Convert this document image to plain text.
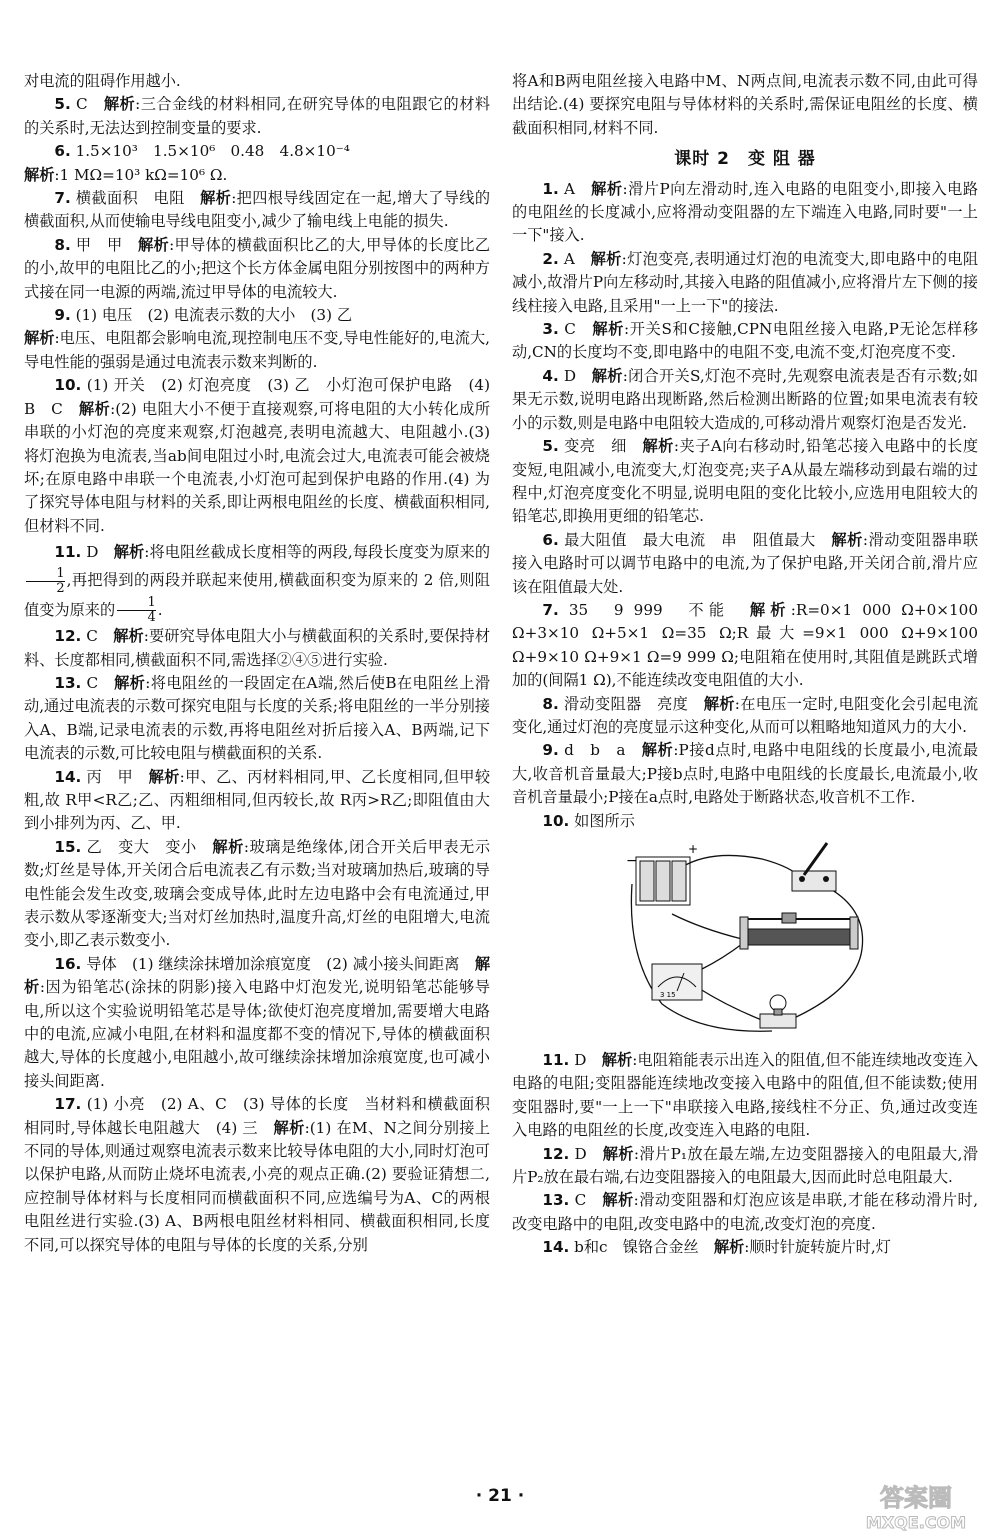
对电流的阻碍作用越小.

5. C　 解析:三合金线的材料相同,在研究导体的电阻跟它的材料的关系时,无法达到控制变量的要求.

6. 1.5×10³　1.5×10⁶　0.48　4.8×10⁻⁴

解析:1 MΩ=10³ kΩ=10⁶ Ω.

7. 横截面积　电阻　 解析:把四根导线固定在一起,增大了导线的横截面积,从而使输电导线电阻变小,减少了输电线上电能的损失.

8. 甲　甲　 解析:甲导体的横截面积比乙的大,甲导体的长度比乙的小,故甲的电阻比乙的小;把这个长方体金属电阻分别按图中的两种方式接在同一电源的两端,流过甲导体的电流较大.

9. (1) 电压　(2) 电流表示数的大小　(3) 乙

解析:电压、电阻都会影响电流,现控制电压不变,导电性能好的,电流大,导电性能的强弱是通过电流表示数来判断的.

10. (1) 开关　(2) 灯泡亮度　(3) 乙　小灯泡可保护电路　(4) B　C　 解析:(2) 电阻大小不便于直接观察,可将电阻的大小转化成所串联的小灯泡的亮度来观察,灯泡越亮,表明电流越大、电阻越小.(3) 将灯泡换为电流表,当ab间电阻过小时,电流会过大,电流表可能会被烧坏;在原电路中串联一个电流表,小灯泡可起到保护电路的作用.(4) 为了探究导体电阻与材料的关系,即让两根电阻丝的长度、横截面积相同,但材料不同.

11. D　 解析:将电阻丝截成长度相等的两段,每段长度变为原来的
$\frac{1}{2}$ ,再把得到的两段并联起来使用,横截面积变为原来的 2 倍,则阻值变为原来的 $\frac{1}{4}$ .

12. C　 解析:要研究导体电阻大小与横截面积的关系时,要保持材料、长度都相同,横截面积不同,需选择②④⑤进行实验.

13. C　 解析:将电阻丝的一段固定在A端,然后使B在电阻丝上滑动,通过电流表的示数可探究电阻与长度的关系;将电阻丝的一半分别接入A、B端,记录电流表的示数,再将电阻丝对折后接入A、B两端,记下电流表的示数,可比较电阻与横截面积的关系.

14. 丙　甲　 解析:甲、乙、丙材料相同,甲、乙长度相同,但甲较粗,故 R甲<R乙;乙、丙粗细相同,但丙较长,故 R丙>R乙;即阻值由大到小排列为丙、乙、甲.

15. 乙　变大　变小　 解析:玻璃是绝缘体,闭合开关后甲表无示数;灯丝是导体,开关闭合后电流表乙有示数;当对玻璃加热后,玻璃的导电性能会发生改变,玻璃会变成导体,此时左边电路中会有电流通过,甲表示数从零逐渐变大;当对灯丝加热时,温度升高,灯丝的电阻增大,电流变小,即乙表示数变小.

16. 导体　(1) 继续涂抹增加涂痕宽度　(2) 减小接头间距离　 解析:因为铅笔芯(涂抹的阴影)接入电路中灯泡发光,说明铅笔芯能够导电,所以这个实验说明铅笔芯是导体;欲使灯泡亮度增加,需要增大电路中的电流,应减小电阻,在材料和温度都不变的情况下,导体的横截面积越大,导体的长度越小,电阻越小,故可继续涂抹增加涂痕宽度,也可减小接头间距离.

17. (1) 小亮　(2) A、C　(3) 导体的长度　当材料和横截面积相同时,导体越长电阻越大　(4) 三　 解析:(1) 在M、N之间分别接上不同的导体,则通过观察电流表示数来比较导体电阻的大小,同时灯泡可以保护电路,从而防止烧坏电流表,小亮的观点正确.(2) 要验证猜想二,应控制导体材料与长度相同而横截面积不同,应选编号为A、C的两根电阻丝进行实验.(3) A、B两根电阻丝材料相同、横截面积相同,长度不同,可以探究导体的电阻与导体的长度的关系,分别

将A和B两电阻丝接入电路中M、N两点间,电流表示数不同,由此可得出结论.(4) 要探究电阻与导体材料的关系时,需保证电阻丝的长度、横截面积相同,材料不同.

课时 2　变 阻 器

1. A　 解析:滑片P向左滑动时,连入电路的电阻变小,即接入电路的电阻丝的长度减小,应将滑动变阻器的左下端连入电路,同时要"一上一下"接入.

2. A　 解析:灯泡变亮,表明通过灯泡的电流变大,即电路中的电阻减小,故滑片P向左移动时,其接入电路的阻值减小,应将滑片左下侧的接线柱接入电路,且采用"一上一下"的接法.

3. C　 解析:开关S和C接触,CPN电阻丝接入电路,P无论怎样移动,CN的长度均不变,即电路中的电阻不变,电流不变,灯泡亮度不变.

4. D　 解析:闭合开关S,灯泡不亮时,先观察电流表是否有示数;如果无示数,说明电路出现断路,然后检测出断路的位置;如果电流表有较小的示数,则是电路中电阻较大造成的,可移动滑片观察灯泡是否发光.

5. 变亮　细　 解析:夹子A向右移动时,铅笔芯接入电路中的长度变短,电阻减小,电流变大,灯泡变亮;夹子A从最左端移动到最右端的过程中,灯泡亮度变化不明显,说明电阻的变化比较小,应选用电阻较大的铅笔芯,即换用更细的铅笔芯.

6. 最大阻值　最大电流　串　阻值最大　 解析:滑动变阻器串联接入电路时可以调节电路中的电流,为了保护电路,开关闭合前,滑片应该在阻值最大处.

7. 35　9 999　不能　 解析:R=0×1 000 Ω+0×100 Ω+3×10 Ω+5×1 Ω=35 Ω;R最大=9×1 000 Ω+9×100 Ω+9×10 Ω+9×1 Ω=9 999 Ω;电阻箱在使用时,其阻值是跳跃式增加的(间隔1 Ω),不能连续改变电阻值的大小.

8. 滑动变阻器　亮度　 解析:在电压一定时,电阻变化会引起电流变化,通过灯泡的亮度显示这种变化,从而可以粗略地知道风力的大小.

9. d　b　a　 解析:P接d点时,电路中电阻线的长度最小,电流最大,收音机音量最大;P接b点时,电路中电阻线的长度最长,电流最小,收音机音量最小;P接在a点时,电路处于断路状态,收音机不工作.

10. 如图所示

−
+
3 15

11. D　 解析:电阻箱能表示出连入的阻值,但不能连续地改变连入电路的电阻;变阻器能连续地改变接入电路中的阻值,但不能读数;使用变阻器时,要"一上一下"串联接入电路,接线柱不分正、负,通过改变连入电路的电阻丝的长度,改变连入电路的电阻.

12. D　 解析:滑片P₁放在最左端,左边变阻器接入的电阻最大,滑片P₂放在最右端,右边变阻器接入的电阻最大,因而此时总电阻最大.

13. C　 解析:滑动变阻器和灯泡应该是串联,才能在移动滑片时,改变电路中的电阻,改变电路中的电流,改变灯泡的亮度.

14. b和c　镍铬合金丝　 解析:顺时针旋转旋片时,灯

· 21 ·	答案圈
MXQE.COM
